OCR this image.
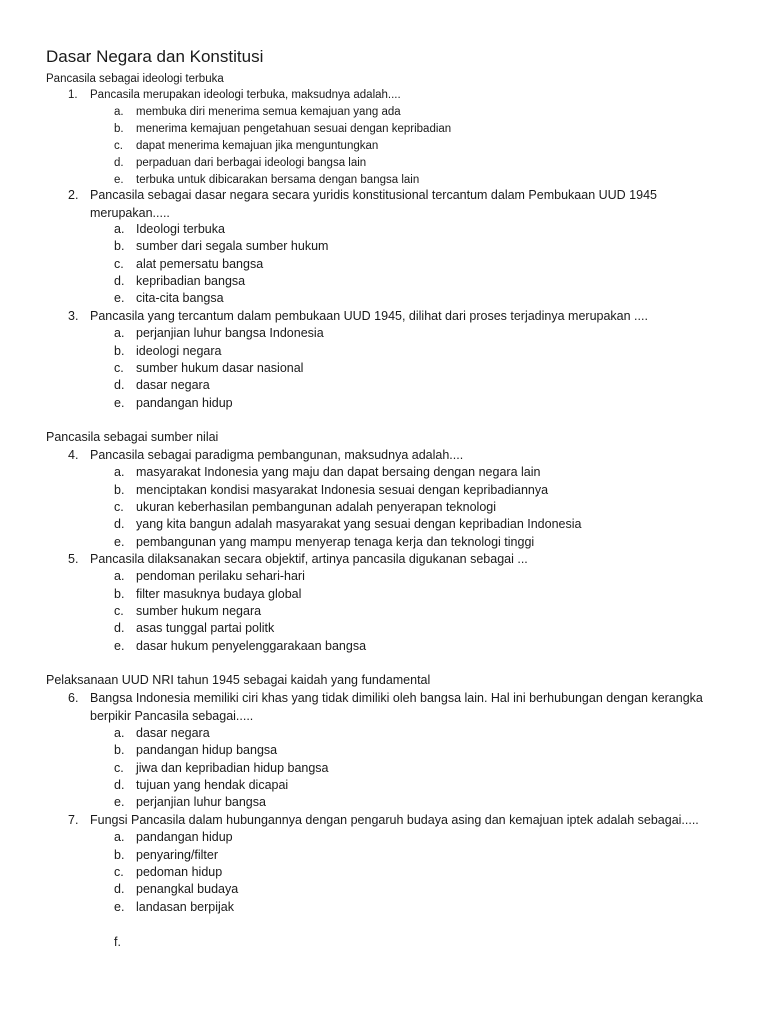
Dasar Negara dan Konstitusi
Pancasila sebagai ideologi terbuka
1. Pancasila merupakan ideologi terbuka, maksudnya adalah....
a. membuka diri menerima semua kemajuan yang ada
b. menerima kemajuan pengetahuan sesuai dengan kepribadian
c. dapat menerima kemajuan jika menguntungkan
d. perpaduan dari berbagai ideologi bangsa lain
e. terbuka untuk dibicarakan bersama dengan bangsa lain
2. Pancasila sebagai dasar negara secara yuridis konstitusional tercantum dalam Pembukaan UUD 1945 merupakan.....
a. Ideologi terbuka
b. sumber dari segala sumber hukum
c. alat pemersatu bangsa
d. kepribadian bangsa
e. cita-cita bangsa
3. Pancasila yang tercantum dalam pembukaan UUD 1945, dilihat dari proses terjadinya merupakan ....
a. perjanjian luhur bangsa Indonesia
b. ideologi negara
c. sumber hukum dasar nasional
d. dasar negara
e. pandangan hidup
Pancasila sebagai sumber nilai
4. Pancasila sebagai paradigma pembangunan, maksudnya adalah....
a. masyarakat Indonesia yang maju dan dapat bersaing dengan negara lain
b. menciptakan kondisi masyarakat Indonesia sesuai dengan kepribadiannya
c. ukuran keberhasilan pembangunan adalah penyerapan teknologi
d. yang kita bangun adalah masyarakat yang sesuai dengan kepribadian Indonesia
e. pembangunan yang mampu menyerap tenaga kerja dan teknologi tinggi
5. Pancasila dilaksanakan secara objektif, artinya pancasila digukanan sebagai ...
a. pendoman perilaku sehari-hari
b. filter masuknya budaya global
c. sumber hukum negara
d. asas tunggal partai politk
e. dasar hukum penyelenggarakaan bangsa
Pelaksanaan UUD NRI tahun 1945 sebagai kaidah yang fundamental
6. Bangsa Indonesia memiliki ciri khas yang tidak dimiliki oleh bangsa lain. Hal ini berhubungan dengan kerangka berpikir Pancasila sebagai.....
a. dasar negara
b. pandangan hidup bangsa
c. jiwa dan kepribadian hidup bangsa
d. tujuan yang hendak dicapai
e. perjanjian luhur bangsa
7. Fungsi Pancasila dalam hubungannya dengan pengaruh budaya asing dan kemajuan iptek adalah sebagai.....
a. pandangan hidup
b. penyaring/filter
c. pedoman hidup
d. penangkal budaya
e. landasan berpijak
f.
